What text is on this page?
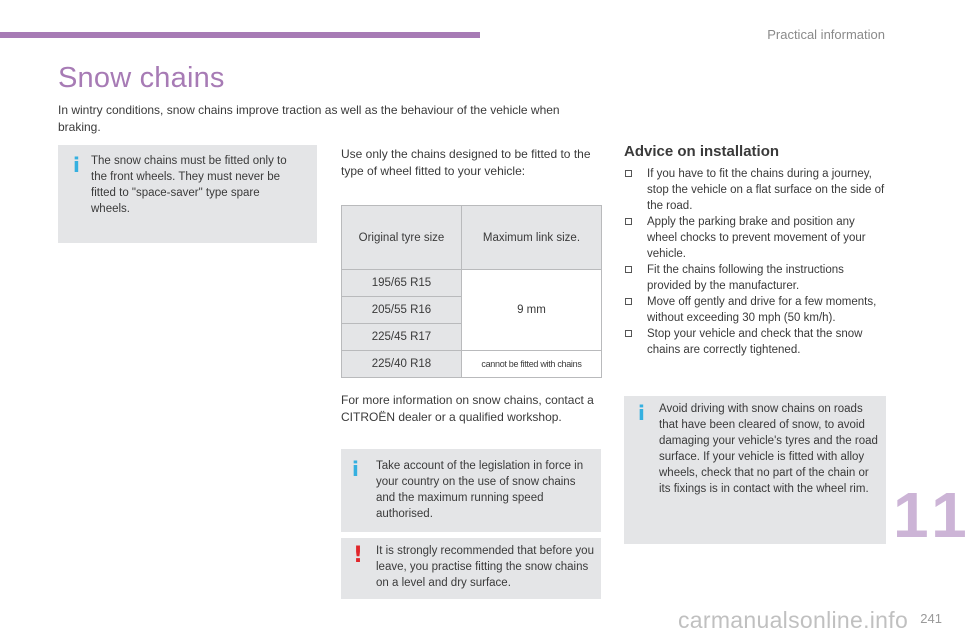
Practical information
Snow chains

In wintry conditions, snow chains improve traction as well as the behaviour of the vehicle when braking.

i The snow chains must be fitted only to the front wheels. They must never be fitted to "space-saver" type spare wheels.

Use only the chains designed to be fitted to the type of wheel fitted to your vehicle:

Original tyre size	Maximum link size.
195/65 R15	9 mm
205/55 R16	
225/45 R17	
225/40 R18	cannot be fitted with chains

For more information on snow chains, contact a CITROËN dealer or a qualified workshop.

i Take account of the legislation in force in your country on the use of snow chains and the maximum running speed authorised.
! It is strongly recommended that before you leave, you practise fitting the snow chains on a level and dry surface.
Advice on installation
If you have to fit the chains during a journey, stop the vehicle on a flat surface on the side of the road.
Apply the parking brake and position any wheel chocks to prevent movement of your vehicle.
Fit the chains following the instructions provided by the manufacturer.
Move off gently and drive for a few moments, without exceeding 30 mph (50 km/h).
Stop your vehicle and check that the snow chains are correctly tightened.
i Avoid driving with snow chains on roads that have been cleared of snow, to avoid damaging your vehicle's tyres and the road surface. If your vehicle is fitted with alloy wheels, check that no part of the chain or its fixings is in contact with the wheel rim. 11
241
carmanualsonline.info
